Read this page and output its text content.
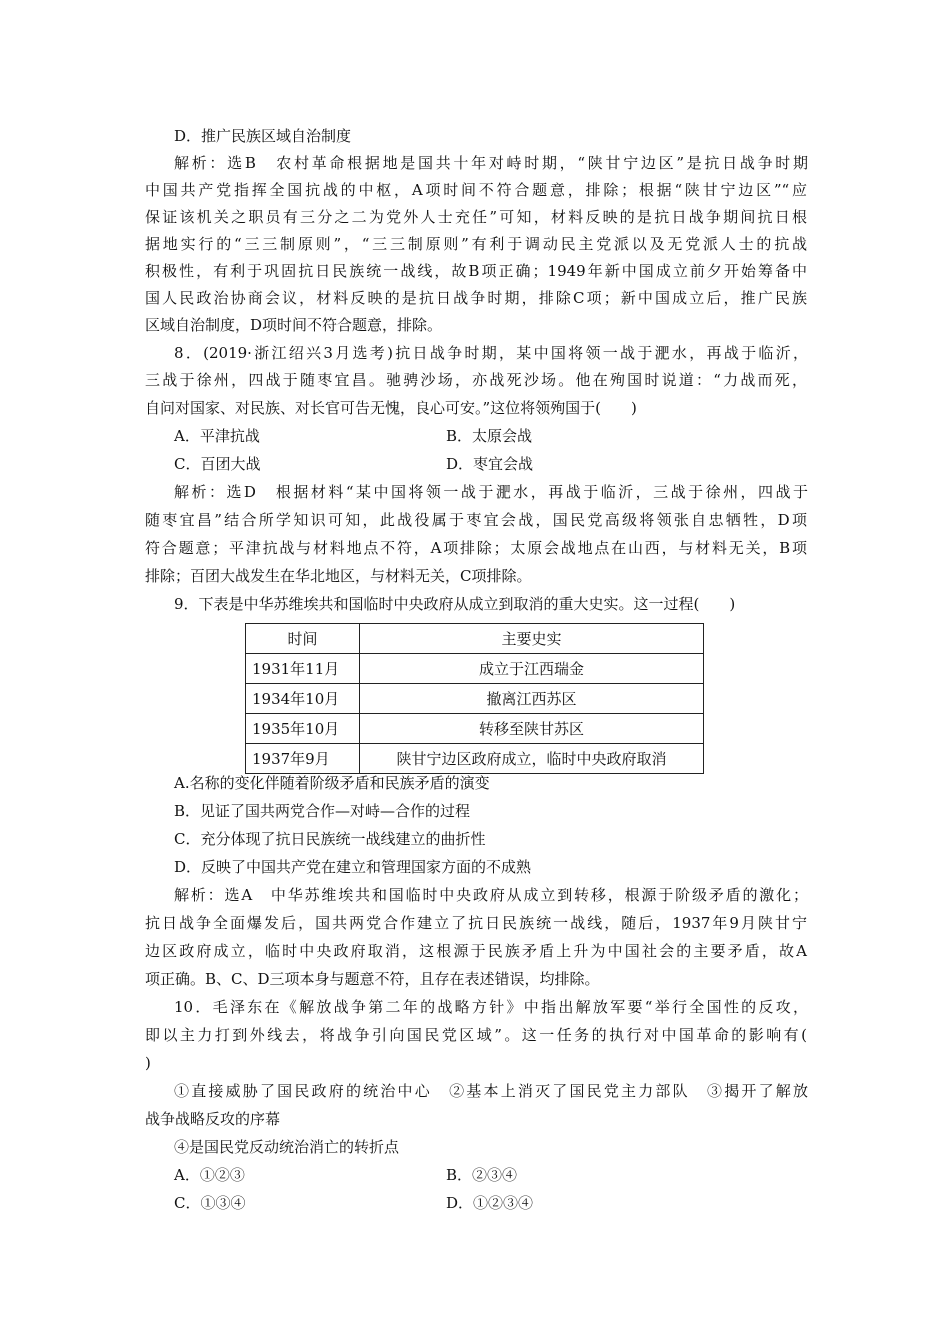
D．推广民族区域自治制度
解析：选B　农村革命根据地是国共十年对峙时期，“陕甘宁边区”是抗日战争时期
中国共产党指挥全国抗战的中枢，A项时间不符合题意，排除；根据“陕甘宁边区”“应
保证该机关之职员有三分之二为党外人士充任”可知，材料反映的是抗日战争期间抗日根
据地实行的“三三制原则”，“三三制原则”有利于调动民主党派以及无党派人士的抗战
积极性，有利于巩固抗日民族统一战线，故B项正确；1949年新中国成立前夕开始筹备中
国人民政治协商会议，材料反映的是抗日战争时期，排除C项；新中国成立后，推广民族
区域自治制度，D项时间不符合题意，排除。
8．(2019·浙江绍兴3月选考)抗日战争时期，某中国将领一战于淝水，再战于临沂，
三战于徐州，四战于随枣宜昌。驰骋沙场，亦战死沙场。他在殉国时说道：“力战而死，
自问对国家、对民族、对长官可告无愧，良心可安。”这位将领殉国于(　　)
A．平津抗战	B．太原会战
C．百团大战	D．枣宜会战
解析：选D　根据材料“某中国将领一战于淝水，再战于临沂，三战于徐州，四战于
随枣宜昌”结合所学知识可知，此战役属于枣宜会战，国民党高级将领张自忠牺牲，D项
符合题意；平津抗战与材料地点不符，A项排除；太原会战地点在山西，与材料无关，B项
排除；百团大战发生在华北地区，与材料无关，C项排除。
9．下表是中华苏维埃共和国临时中央政府从成立到取消的重大史实。这一过程(　　)
时间	主要史实
1931年11月	成立于江西瑞金
1934年10月	撤离江西苏区
1935年10月	转移至陕甘苏区
1937年9月	陕甘宁边区政府成立，临时中央政府取消
A.名称的变化伴随着阶级矛盾和民族矛盾的演变
B．见证了国共两党合作—对峙—合作的过程
C．充分体现了抗日民族统一战线建立的曲折性
D．反映了中国共产党在建立和管理国家方面的不成熟
解析：选A　中华苏维埃共和国临时中央政府从成立到转移，根源于阶级矛盾的激化；
抗日战争全面爆发后，国共两党合作建立了抗日民族统一战线，随后，1937年9月陕甘宁
边区政府成立，临时中央政府取消，这根源于民族矛盾上升为中国社会的主要矛盾，故A
项正确。B、C、D三项本身与题意不符，且存在表述错误，均排除。
10．毛泽东在《解放战争第二年的战略方针》中指出解放军要“举行全国性的反攻，
即以主力打到外线去，将战争引向国民党区域”。这一任务的执行对中国革命的影响有(
)
①直接威胁了国民政府的统治中心　②基本上消灭了国民党主力部队　③揭开了解放
战争战略反攻的序幕
④是国民党反动统治消亡的转折点
A．①②③	B．②③④
C．①③④	D．①②③④
